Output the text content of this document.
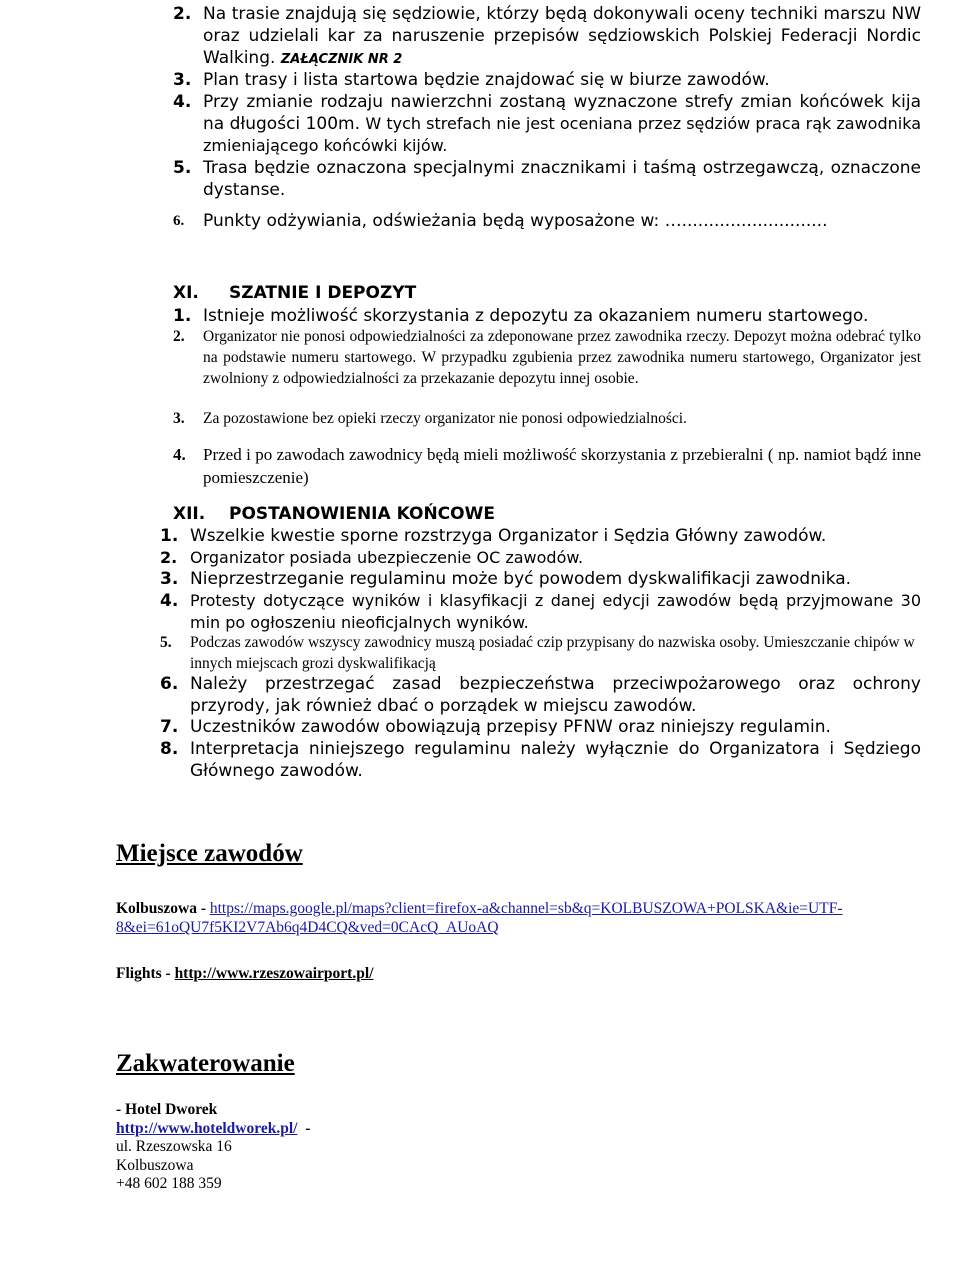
2. Na trasie znajdują się sędziowie, którzy będą dokonywali oceny techniki marszu NW oraz udzielali kar za naruszenie przepisów sędziowskich Polskiej Federacji Nordic Walking. ZAŁĄCZNIK NR 2
3. Plan trasy i lista startowa będzie znajdować się w biurze zawodów.
4. Przy zmianie rodzaju nawierzchni zostaną wyznaczone strefy zmian końcówek kija na długości 100m. W tych strefach nie jest oceniana przez sędziów praca rąk zawodnika zmieniającego końcówki kijów.
5. Trasa będzie oznaczona specjalnymi znacznikami i taśmą ostrzegawczą, oznaczone dystanse.
6. Punkty odżywiania, odświeżania będą wyposażone w: …...........................
XI. SZATNIE I DEPOZYT
1. Istnieje możliwość skorzystania z depozytu za okazaniem numeru startowego.
2. Organizator nie ponosi odpowiedzialności za zdeponowane przez zawodnika rzeczy. Depozyt można odebrać tylko na podstawie numeru startowego. W przypadku zgubienia przez zawodnika numeru startowego, Organizator jest zwolniony z odpowiedzialności za przekazanie depozytu innej osobie.
3. Za pozostawione bez opieki rzeczy organizator nie ponosi odpowiedzialności.
4. Przed i po zawodach zawodnicy będą mieli możliwość skorzystania z przebieralni ( np. namiot bądź inne pomieszczenie)
XII. POSTANOWIENIA KOŃCOWE
1. Wszelkie kwestie sporne rozstrzyga Organizator i Sędzia Główny zawodów.
2. Organizator posiada ubezpieczenie OC zawodów.
3. Nieprzestrzeganie regulaminu może być powodem dyskwalifikacji zawodnika.
4. Protesty dotyczące wyników i klasyfikacji z danej edycji zawodów będą przyjmowane 30 min po ogłoszeniu nieoficjalnych wyników.
5. Podczas zawodów wszyscy zawodnicy muszą posiadać czip przypisany do nazwiska osoby. Umieszczanie chipów w innych miejscach grozi dyskwalifikacją
6. Należy przestrzegać zasad bezpieczeństwa przeciwpożarowego oraz ochrony przyrody, jak również dbać o porządek w miejscu zawodów.
7. Uczestników zawodów obowiązują przepisy PFNW oraz niniejszy regulamin.
8. Interpretacja niniejszego regulaminu należy wyłącznie do Organizatora i Sędziego Głównego zawodów.
Miejsce zawodów
Kolbuszowa - https://maps.google.pl/maps?client=firefox-a&channel=sb&q=KOLBUSZOWA+POLSKA&ie=UTF-
8&ei=61oQU7f5KI2V7Ab6q4D4CQ&ved=0CAcQ_AUoAQ
Flights - http://www.rzeszowairport.pl/
Zakwaterowanie
- Hotel Dworek
http://www.hoteldworek.pl/ -
ul. Rzeszowska 16
Kolbuszowa
+48 602 188 359
